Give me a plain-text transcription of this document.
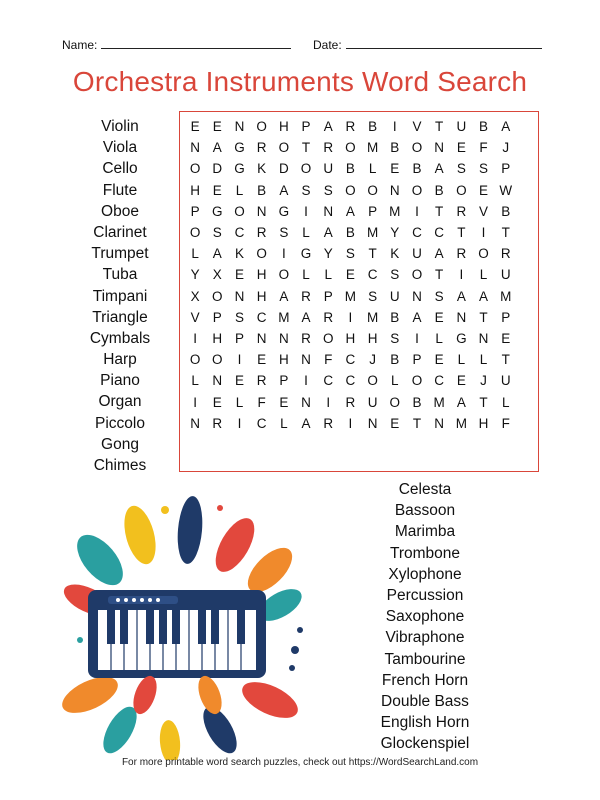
Name:	Date:
Orchestra Instruments Word Search
E	E	N	O	H	P	A	R	B	I	V	T	U	B	A
N	A	G	R	O	T	R	O	M	B	O	N	E	F	J
O	D	G	K	D	O	U	B	L	E	B	A	S	S	P
H	E	L	B	A	S	S	O	O	N	O	B	O	E	W
P	G	O	N	G	I	N	A	P	M	I	T	R	V	B
O	S	C	R	S	L	A	B	M	Y	C	C	T	I	T
L	A	K	O	I	G	Y	S	T	K	U	A	R	O	R
Y	X	E	H	O	L	L	E	C	S	O	T	I	L	U
X	O	N	H	A	R	P	M	S	U	N	S	A	A	M
V	P	S	C	M	A	R	I	M	B	A	E	N	T	P
I	H	P	N	N	R	O	H	H	S	I	L	G	N	E
O	O	I	E	H	N	F	C	J	B	P	E	L	L	T
L	N	E	R	P	I	C	C	O	L	O	C	E	J	U
I	E	L	F	E	N	I	R	U	O	B	M	A	T	L
N	R	I	C	L	A	R	I	N	E	T	N	M	H	F
Violin
Viola
Cello
Flute
Oboe
Clarinet
Trumpet
Tuba
Timpani
Triangle
Cymbals
Harp
Piano
Organ
Piccolo
Gong
Chimes
Celesta
Bassoon
Marimba
Trombone
Xylophone
Percussion
Saxophone
Vibraphone
Tambourine
French Horn
Double Bass
English Horn
Glockenspiel
For more printable word search puzzles, check out https://WordSearchLand.com
